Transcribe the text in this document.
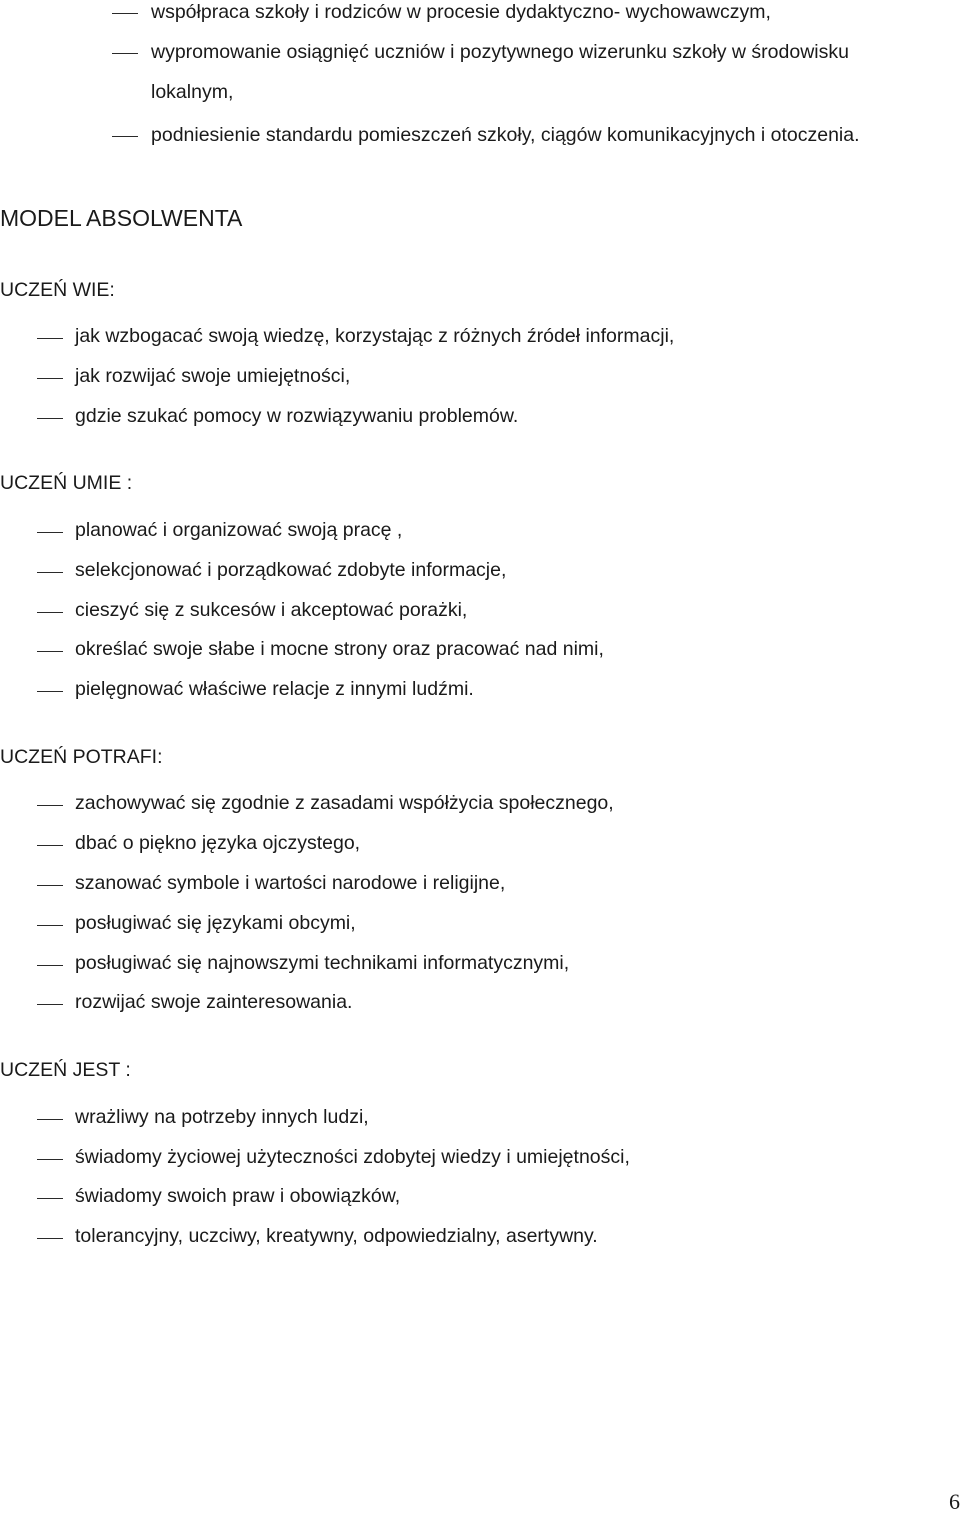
współpraca szkoły i rodziców w procesie dydaktyczno- wychowawczym,
wypromowanie osiągnięć uczniów i pozytywnego wizerunku szkoły w środowisku
lokalnym,
podniesienie standardu pomieszczeń szkoły, ciągów komunikacyjnych i otoczenia.
MODEL ABSOLWENTA
UCZEŃ WIE:
jak wzbogacać swoją wiedzę, korzystając z różnych źródeł informacji,
jak rozwijać swoje umiejętności,
gdzie szukać pomocy w rozwiązywaniu problemów.
UCZEŃ UMIE :
planować i organizować swoją pracę ,
selekcjonować i porządkować zdobyte informacje,
cieszyć się z sukcesów i akceptować porażki,
określać swoje słabe i mocne strony oraz pracować nad nimi,
pielęgnować właściwe relacje z innymi ludźmi.
UCZEŃ POTRAFI:
zachowywać się zgodnie z zasadami współżycia społecznego,
dbać o piękno języka ojczystego,
szanować symbole i wartości narodowe i religijne,
posługiwać się językami obcymi,
posługiwać się najnowszymi technikami informatycznymi,
rozwijać swoje zainteresowania.
UCZEŃ JEST :
wrażliwy na potrzeby innych ludzi,
świadomy życiowej użyteczności zdobytej wiedzy i umiejętności,
świadomy swoich praw i obowiązków,
tolerancyjny, uczciwy, kreatywny, odpowiedzialny, asertywny.
6
